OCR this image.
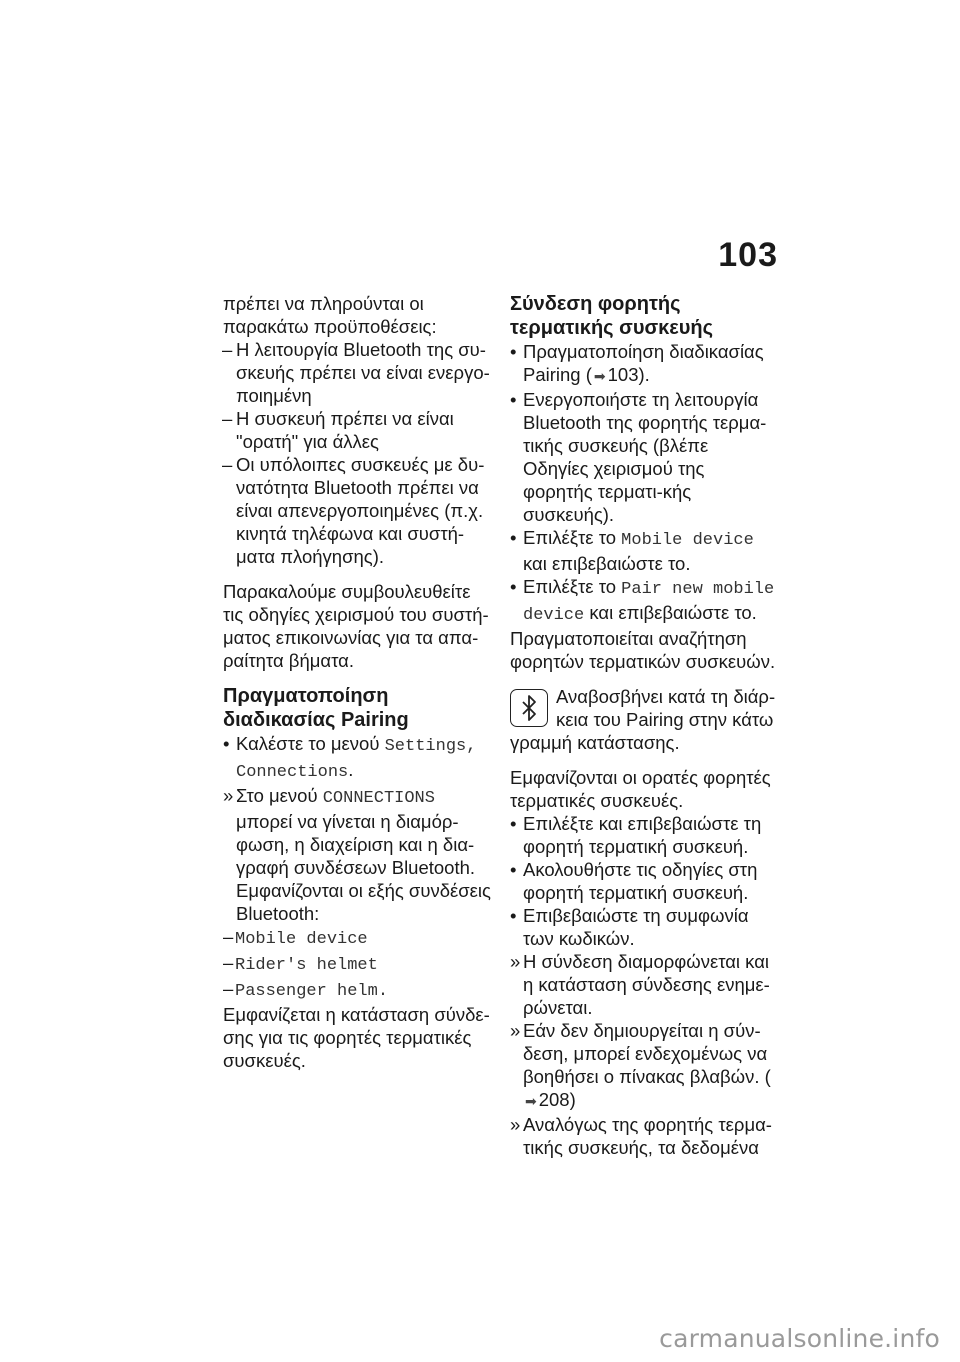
103

πρέπει να πληρούνται οι παρακάτω προϋποθέσεις:

– Η λειτουργία Bluetooth της συ-σκευής πρέπει να είναι ενεργο-ποιημένη

– Η συσκευή πρέπει να είναι "ορατή" για άλλες

– Οι υπόλοιπες συσκευές με δυ-νατότητα Bluetooth πρέπει να είναι απενεργοποιημένες (π.χ. κινητά τηλέφωνα και συστή-ματα πλοήγησης).

Παρακαλούμε συμβουλευθείτε τις οδηγίες χειρισμού του συστή-ματος επικοινωνίας για τα απα-ραίτητα βήματα.

Πραγματοποίηση διαδικασίας Pairing

• Καλέστε το μενού Settings, Connections.

» Στο μενού CONNECTIONS μπορεί να γίνεται η διαμόρ-φωση, η διαχείριση και η δια-γραφή συνδέσεων Bluetooth. Εμφανίζονται οι εξής συνδέσεις Bluetooth:

– Mobile device

– Rider's helmet

– Passenger helm.

Εμφανίζεται η κατάσταση σύνδε-σης για τις φορητές τερματικές συσκευές.

Σύνδεση φορητής τερματικής συσκευής

• Πραγματοποίηση διαδικασίας Pairing ( ➡ 103).

• Ενεργοποιήστε τη λειτουργία Bluetooth της φορητής τερμα-τικής συσκευής (βλέπε Οδηγίες χειρισμού της φορητής τερματι-κής συσκευής).

• Επιλέξτε το Mobile device και επιβεβαιώστε το.

• Επιλέξτε το Pair new mobile device και επιβεβαιώστε το.

Πραγματοποιείται αναζήτηση φορητών τερματικών συσκευών.

Αναβοσβήνει κατά τη διάρ-κεια του Pairing στην κάτω γραμμή κατάστασης.

Εμφανίζονται οι ορατές φορητές τερματικές συσκευές.

• Επιλέξτε και επιβεβαιώστε τη φορητή τερματική συσκευή.

• Ακολουθήστε τις οδηγίες στη φορητή τερματική συσκευή.

• Επιβεβαιώστε τη συμφωνία των κωδικών.

» Η σύνδεση διαμορφώνεται και η κατάσταση σύνδεσης ενημε-ρώνεται.

» Εάν δεν δημιουργείται η σύν-δεση, μπορεί ενδεχομένως να βοηθήσει ο πίνακας βλαβών. (➡ 208)

» Αναλόγως της φορητής τερμα-τικής συσκευής, τα δεδομένα

carmanualsonline.info
